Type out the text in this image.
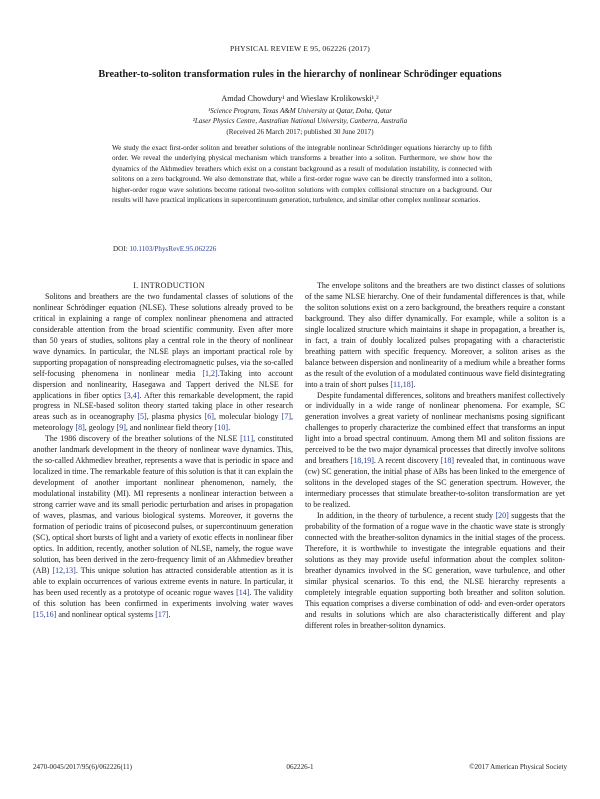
PHYSICAL REVIEW E 95, 062226 (2017)
Breather-to-soliton transformation rules in the hierarchy of nonlinear Schrödinger equations
Amdad Chowdury¹ and Wieslaw Krolikowski¹,²
¹Science Program, Texas A&M University at Qatar, Doha, Qatar
²Laser Physics Centre, Australian National University, Canberra, Australia
(Received 26 March 2017; published 30 June 2017)
We study the exact first-order soliton and breather solutions of the integrable nonlinear Schrödinger equations hierarchy up to fifth order. We reveal the underlying physical mechanism which transforms a breather into a soliton. Furthermore, we show how the dynamics of the Akhmediev breathers which exist on a constant background as a result of modulation instability, is connected with solitons on a zero background. We also demonstrate that, while a first-order rogue wave can be directly transformed into a soliton, higher-order rogue wave solutions become rational two-soliton solutions with complex collisional structure on a background. Our results will have practical implications in supercontinuum generation, turbulence, and similar other complex nonlinear scenarios.
DOI: 10.1103/PhysRevE.95.062226

I. INTRODUCTION

Solitons and breathers are the two fundamental classes of solutions of the nonlinear Schrödinger equation (NLSE). These solutions already proved to be critical in explaining a range of complex nonlinear phenomena and attracted considerable attention from the broad scientific community. Even after more than 50 years of studies, solitons play a central role in the theory of nonlinear wave dynamics. In particular, the NLSE plays an important practical role by supporting propagation of nonspreading electromagnetic pulses, via the so-called self-focusing phenomena in nonlinear media [1,2].Taking into account dispersion and nonlinearity, Hasegawa and Tappert derived the NLSE for applications in fiber optics [3,4]. After this remarkable development, the rapid progress in NLSE-based soliton theory started taking place in other research areas such as in oceanography [5], plasma physics [6], molecular biology [7], meteorology [8], geology [9], and nonlinear field theory [10].

The 1986 discovery of the breather solutions of the NLSE [11], constituted another landmark development in the theory of nonlinear wave dynamics. This, the so-called Akhmediev breather, represents a wave that is periodic in space and localized in time. The remarkable feature of this solution is that it can explain the development of another important nonlinear phenomenon, namely, the modulational instability (MI). MI represents a nonlinear interaction between a strong carrier wave and its small periodic perturbation and arises in propagation of waves, plasmas, and various biological systems. Moreover, it governs the formation of periodic trains of picosecond pulses, or supercontinuum generation (SC), optical short bursts of light and a variety of exotic effects in nonlinear fiber optics. In addition, recently, another solution of NLSE, namely, the rogue wave solution, has been derived in the zero-frequency limit of an Akhmediev breather (AB) [12,13]. This unique solution has attracted considerable attention as it is able to explain occurrences of various extreme events in nature. In particular, it has been used recently as a prototype of oceanic rogue waves [14]. The validity of this solution has been confirmed in experiments involving water waves [15,16] and nonlinear optical systems [17].

The envelope solitons and the breathers are two distinct classes of solutions of the same NLSE hierarchy. One of their fundamental differences is that, while the soliton solutions exist on a zero background, the breathers require a constant background. They also differ dynamically. For example, while a soliton is a single localized structure which maintains it shape in propagation, a breather is, in fact, a train of doubly localized pulses propagating with a characteristic breathing pattern with specific frequency. Moreover, a soliton arises as the balance between dispersion and nonlinearity of a medium while a breather forms as the result of the evolution of a modulated continuous wave field disintegrating into a train of short pulses [11,18].

Despite fundamental differences, solitons and breathers manifest collectively or individually in a wide range of nonlinear phenomena. For example, SC generation involves a great variety of nonlinear mechanisms posing significant challenges to properly characterize the combined effect that transforms an input light into a broad spectral continuum. Among them MI and soliton fissions are perceived to be the two major dynamical processes that directly involve solitons and breathers [18,19]. A recent discovery [18] revealed that, in continuous wave (cw) SC generation, the initial phase of ABs has been linked to the emergence of solitons in the developed stages of the SC generation spectrum. However, the intermediary processes that stimulate breather-to-soliton transformation are yet to be realized.

In addition, in the theory of turbulence, a recent study [20] suggests that the probability of the formation of a rogue wave in the chaotic wave state is strongly connected with the breather-soliton dynamics in the initial stages of the process. Therefore, it is worthwhile to investigate the integrable equations and their solutions as they may provide useful information about the complex soliton-breather dynamics involved in the SC generation, wave turbulence, and other similar physical scenarios. To this end, the NLSE hierarchy represents a completely integrable equation supporting both breather and soliton solution. This equation comprises a diverse combination of odd- and even-order operators and results in solutions which are also characteristically different and play different roles in breather-soliton dynamics.

2470-0045/2017/95(6)/062226(11)	062226-1	©2017 American Physical Society
